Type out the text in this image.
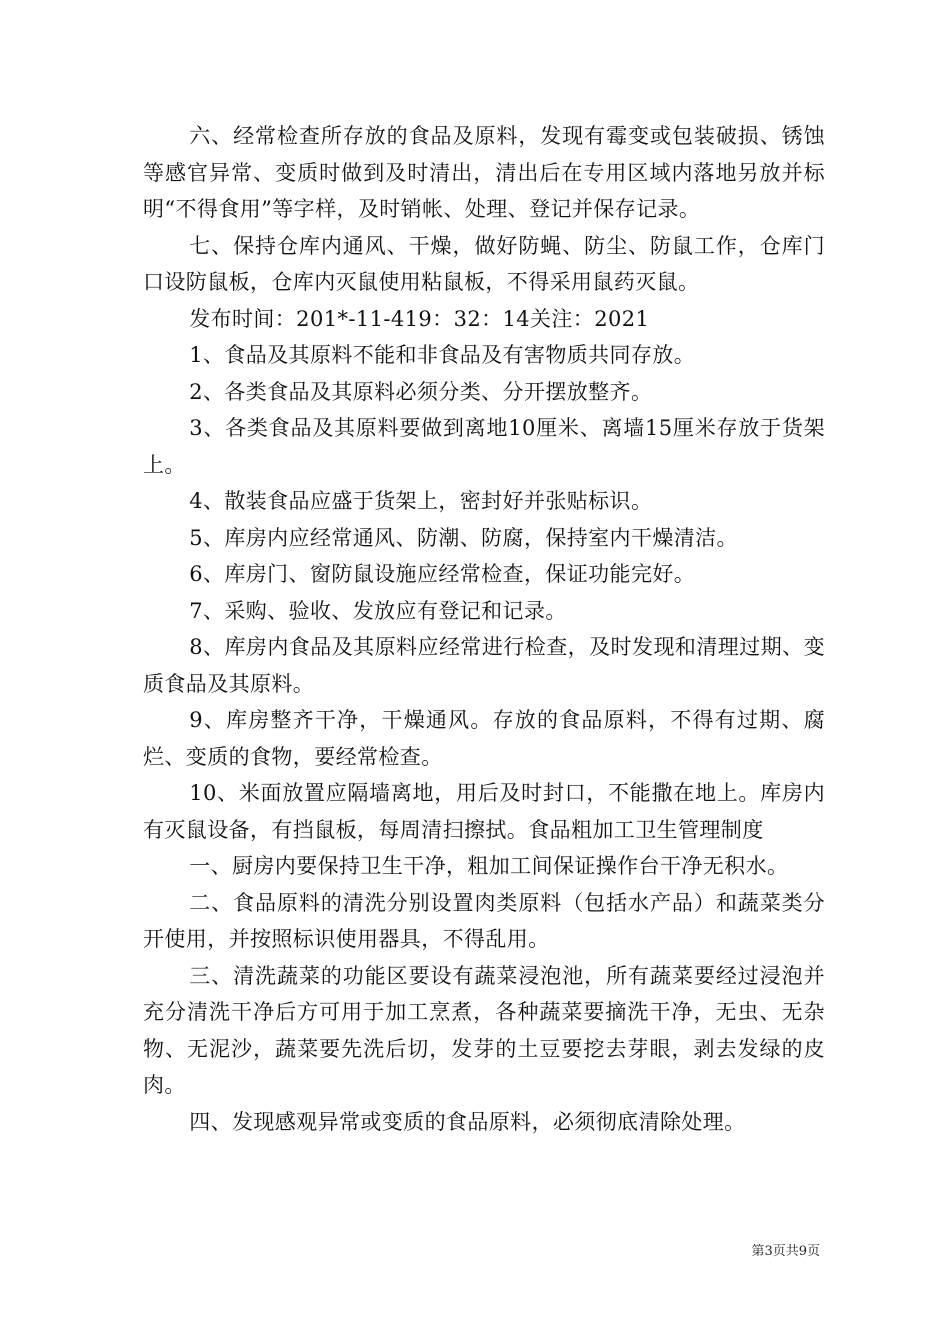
六、经常检查所存放的食品及原料，发现有霉变或包装破损、锈蚀等感官异常、变质时做到及时清出，清出后在专用区域内落地另放并标明“不得食用”等字样，及时销帐、处理、登记并保存记录。

七、保持仓库内通风、干燥，做好防蝇、防尘、防鼠工作，仓库门口设防鼠板，仓库内灭鼠使用粘鼠板，不得采用鼠药灭鼠。

发布时间：201*-11-419：32：14关注：2021

1、食品及其原料不能和非食品及有害物质共同存放。

2、各类食品及其原料必须分类、分开摆放整齐。

3、各类食品及其原料要做到离地10厘米、离墙15厘米存放于货架上。

4、散装食品应盛于货架上，密封好并张贴标识。

5、库房内应经常通风、防潮、防腐，保持室内干燥清洁。

6、库房门、窗防鼠设施应经常检查，保证功能完好。

7、采购、验收、发放应有登记和记录。

8、库房内食品及其原料应经常进行检查，及时发现和清理过期、变质食品及其原料。

9、库房整齐干净，干燥通风。存放的食品原料，不得有过期、腐烂、变质的食物，要经常检查。

10、米面放置应隔墙离地，用后及时封口，不能撒在地上。库房内有灭鼠设备，有挡鼠板，每周清扫擦拭。食品粗加工卫生管理制度

一、厨房内要保持卫生干净，粗加工间保证操作台干净无积水。

二、食品原料的清洗分别设置肉类原料（包括水产品）和蔬菜类分开使用，并按照标识使用器具，不得乱用。

三、清洗蔬菜的功能区要设有蔬菜浸泡池，所有蔬菜要经过浸泡并充分清洗干净后方可用于加工烹煮，各种蔬菜要摘洗干净，无虫、无杂物、无泥沙，蔬菜要先洗后切，发芽的土豆要挖去芽眼，剥去发绿的皮肉。

四、发现感观异常或变质的食品原料，必须彻底清除处理。

第3页共9页
